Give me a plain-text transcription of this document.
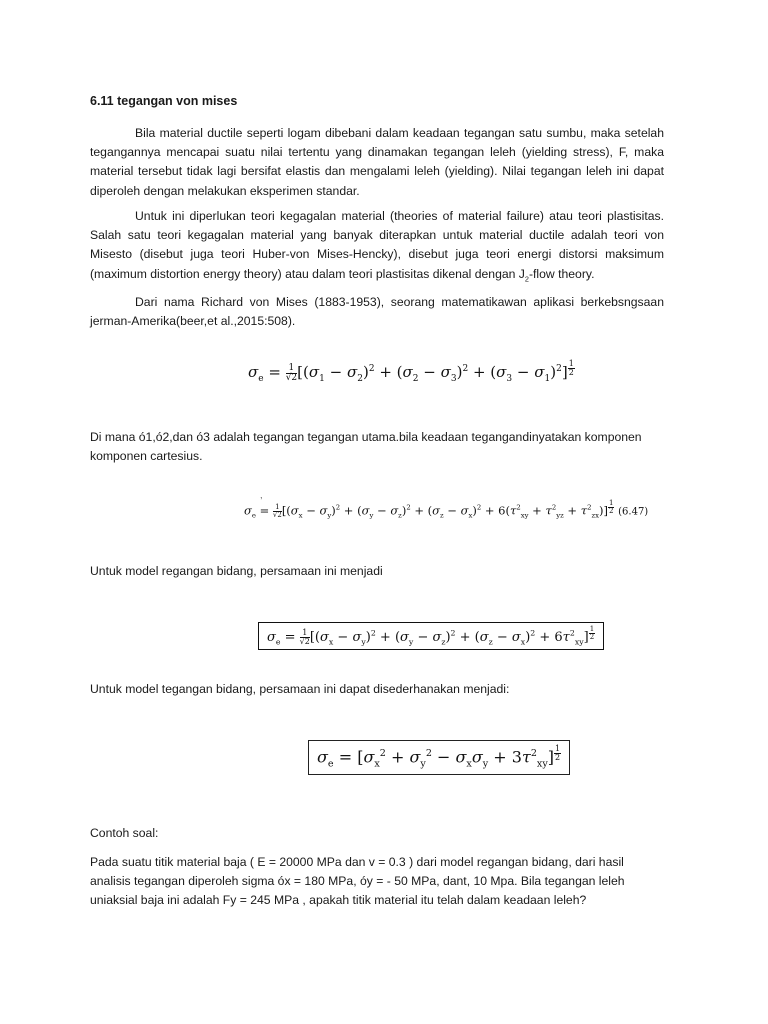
6.11 tegangan von mises

Bila material ductile seperti logam dibebani dalam keadaan tegangan satu sumbu, maka setelah tegangannya mencapai suatu nilai tertentu yang dinamakan tegangan leleh (yielding stress), F, maka material tersebut tidak lagi bersifat elastis dan mengalami leleh (yielding). Nilai tegangan leleh ini dapat diperoleh dengan melakukan eksperimen standar.

Untuk ini diperlukan teori kegagalan material (theories of material failure) atau teori plastisitas. Salah satu teori kegagalan material yang banyak diterapkan untuk material ductile adalah teori von Misesto (disebut juga teori Huber-von Mises-Hencky), disebut juga teori energi distorsi maksimum (maximum distortion energy theory) atau dalam teori plastisitas dikenal dengan $J_2$-flow theory.

Dari nama Richard von Mises (1883-1953), seorang matematikawan aplikasi berkebsngsaan jerman-Amerika(beer,et al.,2015:508).

$\sigma_e = \frac{1}{√2} [(\sigma_1 - \sigma_2)^2 + (\sigma_2 - \sigma_3)^2 + (\sigma_3 - \sigma_1)^2]$ $^{\frac{1}{2}}$

Di mana ó1,ó2,dan ó3 adalah tegangan tegangan utama.bila keadaan tegangandinyatakan komponen komponen cartesius.

,
$\sigma_e = \frac{1}{√2} [(\sigma_x - \sigma_y)^2 + (\sigma_y - \sigma_z)^2 + (\sigma_z - \sigma_x)^2 + 6(\tau^2_{xy} + \tau^2_{yz} + \tau^2_{zx})]$ $^{\frac{1}{2}}$ (6.47)

Untuk model regangan bidang, persamaan ini menjadi

$\sigma_e = \frac{1}{√2} [(\sigma_x - \sigma_y)^2 + (\sigma_y - \sigma_z)^2 + (\sigma_z - \sigma_x)^2 + 6\tau^2_{xy}]$ $^{\frac{1}{2}}$

Untuk model tegangan bidang, persamaan ini dapat disederhanakan menjadi:

$\sigma_e = [\sigma_x^2 + \sigma_y^2 - \sigma_x\sigma_y + 3\tau^2_{xy}]$ $^{\frac{1}{2}}$

Contoh soal:

Pada suatu titik material baja ( E = 20000 MPa dan v = 0.3 ) dari model regangan bidang, dari hasil analisis tegangan diperoleh sigma óx = 180 MPa, óy = - 50 MPa, dant, 10 Mpa. Bila tegangan leleh uniaksial baja ini adalah Fy = 245 MPa , apakah titik material itu telah dalam keadaan leleh?
